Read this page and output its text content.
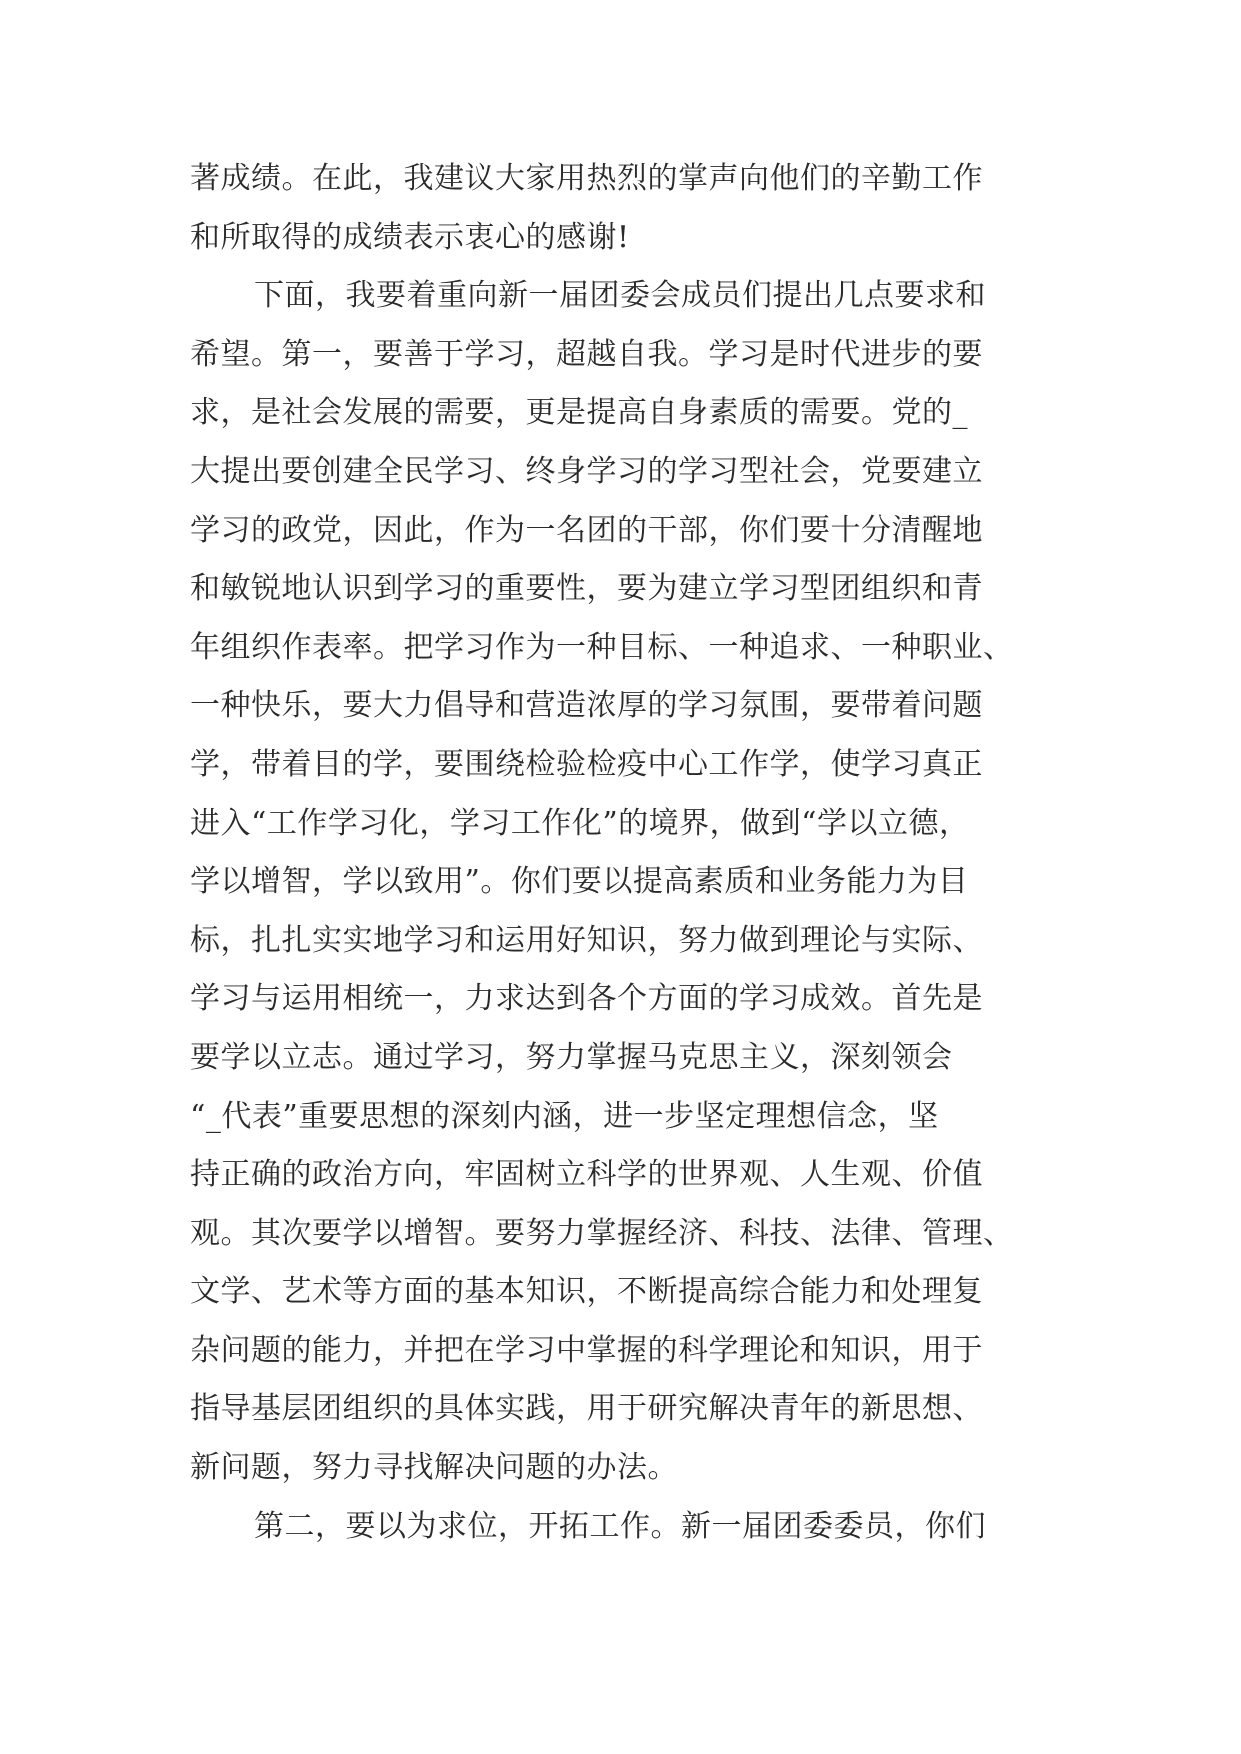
著成绩。在此，我建议大家用热烈的掌声向他们的辛勤工作
和所取得的成绩表示衷心的感谢!
下面，我要着重向新一届团委会成员们提出几点要求和
希望。第一，要善于学习，超越自我。学习是时代进步的要
求，是社会发展的需要，更是提高自身素质的需要。党的_
大提出要创建全民学习、终身学习的学习型社会，党要建立
学习的政党，因此，作为一名团的干部，你们要十分清醒地
和敏锐地认识到学习的重要性，要为建立学习型团组织和青
年组织作表率。把学习作为一种目标、一种追求、一种职业、
一种快乐，要大力倡导和营造浓厚的学习氛围，要带着问题
学，带着目的学，要围绕检验检疫中心工作学，使学习真正
进入“工作学习化，学习工作化”的境界，做到“学以立德，
学以增智，学以致用”。你们要以提高素质和业务能力为目
标，扎扎实实地学习和运用好知识，努力做到理论与实际、
学习与运用相统一，力求达到各个方面的学习成效。首先是
要学以立志。通过学习，努力掌握马克思主义，深刻领会
“_代表”重要思想的深刻内涵，进一步坚定理想信念，坚
持正确的政治方向，牢固树立科学的世界观、人生观、价值
观。其次要学以增智。要努力掌握经济、科技、法律、管理、
文学、艺术等方面的基本知识，不断提高综合能力和处理复
杂问题的能力，并把在学习中掌握的科学理论和知识，用于
指导基层团组织的具体实践，用于研究解决青年的新思想、
新问题，努力寻找解决问题的办法。
第二，要以为求位，开拓工作。新一届团委委员，你们
